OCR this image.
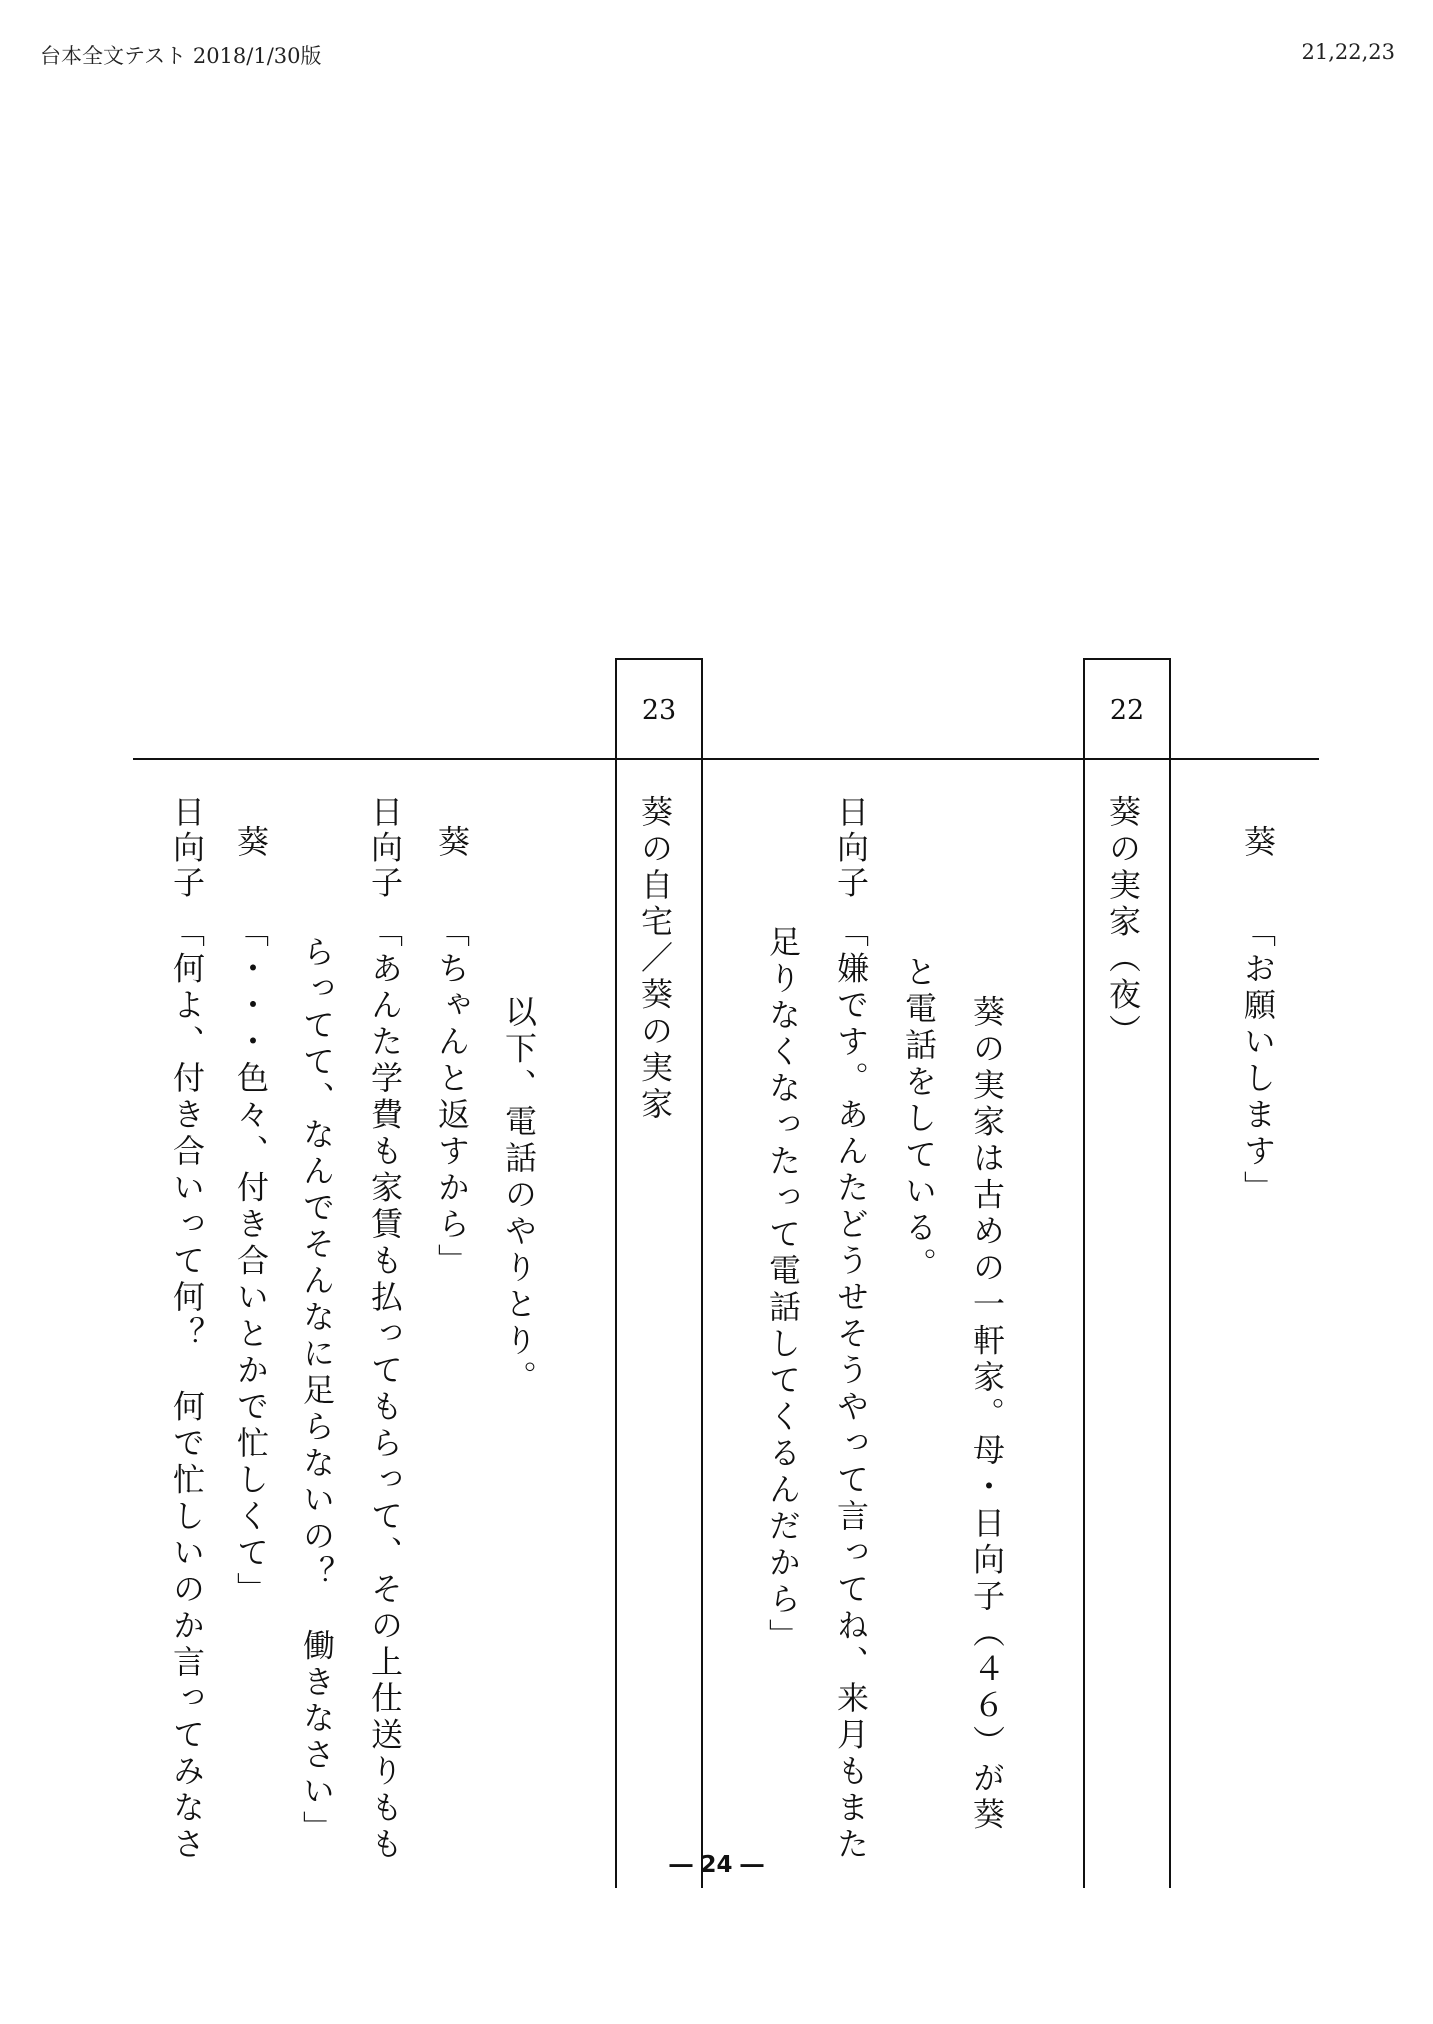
台本全文テスト 2018/1/30版	21,22,23
22
23
葵
「お願いします」
葵の実家（夜）
葵の実家は古めの一軒家。母・日向子（４６）が葵
と電話をしている。
日向子
「嫌です。あんたどうせそうやって言ってね、来月もまた
足りなくなったって電話してくるんだから」
葵の自宅／葵の実家
以下、電話のやりとり。
葵
「ちゃんと返すから」
日向子
「あんた学費も家賃も払ってもらって、その上仕送りもも
らってて、なんでそんなに足らないの？　働きなさい」
葵
「・・・色々、付き合いとかで忙しくて」
日向子
「何よ、付き合いって何？　何で忙しいのか言ってみなさ
― 24 ―
